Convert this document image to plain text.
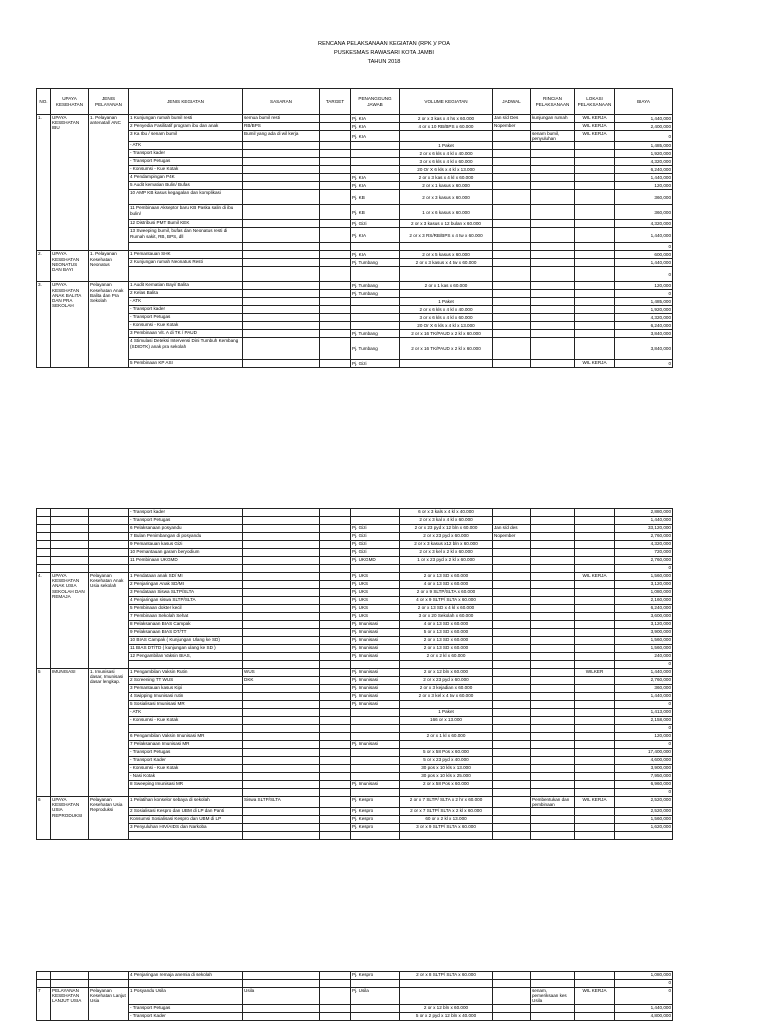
RENCANA PELAKSANAAN KEGIATAN (RPK )/ POA
PUSKESMAS RAWASARI KOTA JAMBI
TAHUN 2018
NO.	UPAYA KESEHATAN	JENIS PELAYANAN	JENIS KEGIATAN	SASARAN	TARGET	PENANGGUNG JAWAB	VOLUME KEGIATAN	JADWAL	RINCIAN PELAKSANAAN	LOKASI PELAKSANAAN	BIAYA
1.	UPAYA KESEHATAN IBU	1. Pelayanan antenatal/ ANC	1 Kunjungan rumah bumil resti	semua bumil resti		Pj. KIA	2 or x 3 kas x 4 hs x 60.000	Jan s/d Des	kunjungan rumah	WIL KERJA	1,440,000
			2 Penyedia Fasilitatif program ibu dan anak	RB/BPS		Pj. KIA	4 or x 10 RB/BPS x 60.000	Nopember		WIL KERJA	2,400,000
			3 Ka Ibu / senam bumil	Bumil yang ada di wil kerja		Pj. KIA			senam bumil, penyuluhan	WIL KERJA	0
			- ATK				1 Paket				1,485,000
			- Transport kader				2 or x 6 kls x 4 kl x 40.000				1,920,000
			- Transport Petugas				3 or x 6 kls x 4 kl x 60.000				4,320,000
			- Konsumsi - Kue Kotak				20 Or X 6 kls x 4 kl x 13.000				6,240,000
			4 Pendampingan P4K			Pj. KIA	2 or x 3 kas x 4 kl x 60.000				1,440,000
			5 Audit kematian Bulin/ Bufas			Pj. KIA	2 or x 1 kasus x 60.000				120,000
			10 AMP KB kasus kegagalan dan komplikasi			Pj. KB	2 or x 3 kasus x 60.000				360,000
			11 Pembinaan Akseptor baru KB Paska salin di ibu bulin/			Pj. KB	1 or x 6 kasus x 60.000				360,000
			12 Distribusi PMT Bumil KEK			Pj. Gizi	2 or x 3 kasus x 12 bulan x 60.000				4,320,000
			13 Sweeping bumil, bufas dan Neonatus resti di Rumah sakit, RB, BPS, dll			Pj. KIA	2 or x 3 RS/RB/BPS x 4 tw x 60.000				1,440,000
											0
2.	UPAYA KESEHATAN NEONATUS DAN BAYI	1. Pelayanan Kesehatan Neonatus	1 Pemantauan SHK			Pj. KIA	2 or x 5 kasus x 60.000				600,000
			2 Kunjungan rumah Neonatus Resti			Pj. Tumbang	2 or x 3 kasus x 4 tw x 60.000				1,440,000
											0
3.	UPAYA KESEHATAN ANAK BALITA DAN PRA SEKOLAH	Pelayanan Kesehatan Anak Balita dan Pra Sekolah	1 Audit Kematian Bayi/ Balita			Pj. Tumbang	2 or x 1 kas x 60.000				120,000
			2 Kelas Balita			Pj. Tumbang					0
			- ATK				1 Paket				1,485,000
			- Transport kader				2 or x 6 kls x 4 kl x 40.000				1,920,000
			- Transport Petugas				3 or x 6 kls x 4 kl x 60.000				4,320,000
			- Konsumsi - Kue Kotak				20 Or X 6 kls x 4 kl x 13.000				6,240,000
			3 Pembinaan Vit. A di TK / PAUD			Pj. Tumbang	2 or x 16 TK/PAUD x 2 kl x 60.000				3,840,000
			4 Stimulasi Deteksi Intervensi Dini Tumbuh Kembang (SDIDTK) anak pra sekolah			Pj. Tumbang	2 or x 16 TK/PAUD x 2 kl x 60.000				3,840,000
			5 Pembinaan KP ASI			Pj. Gizi				WIL KERJA	0
			- Transport kader				6 or x 3 kals x 4 kl x 40.000				2,880,000
			- Transport Petugas				2 or x 3 kal x 4 kl x 60.000				1,440,000
			6 Pelaksanaan posyandu			Pj. Gizi	2 or x 23 pyd x 12 bln x 60.000	Jan s/d des			33,120,000
			7 Bulan Penimbangan di posyandu			Pj. Gizi	2 or x 23 pyd x 60.000	Nopember			2,760,000
			9 Pemantauan kasus Gizi			Pj. Gizi	2 or x 3 kasus x12 bln x 60.000				4,320,000
			10 Pemantauan garam beryodium			Pj. Gizi	2 or x 3 kel x 2 kl x 60.000				720,000
			11 Pembinaan UKGMD			Pj. UKGMD	1 or x 23 pyd x 2 kl x 60.000				2,760,000
											0
4.	UPAYA KESEHATAN ANAK USIA SEKOLAH DAN REMAJA	Pelayanan Kesehatan Anak Usia sekolah	1 Pendataan anak SD/ MI			Pj. UKS	2 or x 13 SD x 60.000			WIL KERJA	1,560,000
			2 Penjaringan Anak SD/MI			Pj. UKS	4 or x 13 SD x 60.000				3,120,000
			3 Pendataan Siswa SLTP/SLTA			Pj. UKS	2 or x 9 SLTP/SLTA x 60.000				1,080,000
			4 Penjaringan siswa SLTP/SLTA			Pj. UKS	4 or x 9 SLTP/ SLTA x 60.000				2,160,000
			5 Pembinaan dokter kecil			Pj. UKS	2 or x 13 SD x 4 kl x 60.000				6,240,000
			7 Pembinaan Sekolah Sehat			Pj. UKS	3 or x 20 Sekolah x 60.000				3,600,000
			8 Pelaksanaan BIAS Campak			Pj. Imunisasi	4 or x 13 SD x 60.000				3,120,000
			9 Pelaksanaan BIAS DT/TT			Pj. Imunisasi	5 or x 13 SD x 60.000				3,900,000
			10 BIAS Campak ( Kunjungan Ulang ke SD)			Pj. Imunisasi	2 or x 13 SD x 60.000				1,560,000
			11 BIAS DT/TD ( kunjungan ulang ke SD )			Pj. Imunisasi	2 or x 13 SD x 60.000				1,560,000
			12 Pengambilan Vaksin BIAS,			Pj. Imunisasi	2 or x 2 kl x 60.000				240,000
											0
5	IMUNISASI	1. Imunisasi dasar, Imunisasi dasar lengkap.	1 Pengambilan Vaksin Rutin	WUS		Pj. Imunisasi	2 or x 12 bln x 60.000			WILKER	1,440,000
			2 Screening TT WUS	DKK		Pj. Imunisasi	2 or x 23 pyd x 60.000				2,760,000
			3 Pemantauan kasus Kipi			Pj. Imunisasi	2 or x 3 kejadian x 60.000				360,000
			4 Swipping Imunisasi rutin			Pj. Imunisasi	2 or x 3 kel x 4 tw x 60.000				1,440,000
			5 Sosialisasi Imunisasi MR			Pj. Imunisasi					0
			- ATK				1 Paket				1,413,000
			- Konsumsi - Kue Kotak				166 or x 13.000				2,158,000
											0
			6 Pengambilan Vaksin Imunisasi MR				2 or x 1 kl x 60.000				120,000
			7 Pelaksanaan Imunisasi MR			Pj. Imunisasi					0
			- Transport Petugas				5 or x 58 Pos x 60.000				17,400,000
			- Transport Kader				5 or x 23 pyd x 40.000				4,600,000
			- Konsumsi - Kue Kotak				30 pos x 10 kls x 13.000				3,900,000
			- Nasi Kotak				30 pos x 10 kls x 25.000				7,950,000
			8 Sweeping Imunisasi MR			Pj. Imunisasi	2 or x 58 Pos x 60.000				6,960,000
											0
6	UPAYA KESEHATAN USIA REPRODUKSI	Pelayanan Kesehatan Usia Reproduksi	1 Pelatihan konselor sebaya di sekolah	Siswa SLTP/SLTA		Pj. Kespro	2 or x 7 SLTP/ SLTA x 2 hr x 60.000		Pembentukan dan pembinaan	WIL KERJA	2,520,000
			2 Sosialisasi Kespro dan UBM di LP dan Panti			Pj. Kespro	2 or x 7 SLTP/ SLTA x 2 kl x 60.000				2,520,000
			Konsumsi Sosialisasi Kespro dan UBM di LP			Pj. Kespro	60 or x 2 kl x 13.000				1,560,000
			3 Penyuluhan HIV/AIDS dan Narkoba			Pj. Kespro	3 or x 9 SLTP/ SLTA x 60.000				1,620,000

			4 Penjaringan remaja anemia di sekolah			Pj. Kespro	2 or x 8 SLTP/ SLTA x 60.000				1,080,000
											0
7	PELAYANAN KESEHATAN LANJUT USIA	Pelayanan Kesehatan Lanjut Usia	1 Posyandu Usila	Usila		Pj. Usila			senam, pemeriksaan kes Usila	WIL KERJA	0
			- Transport Petugas				2 or x 12 bln x 60.000				1,440,000
			- Transport Kader				5 or x 2 pyd x 12 bln x 40.000				4,800,000
